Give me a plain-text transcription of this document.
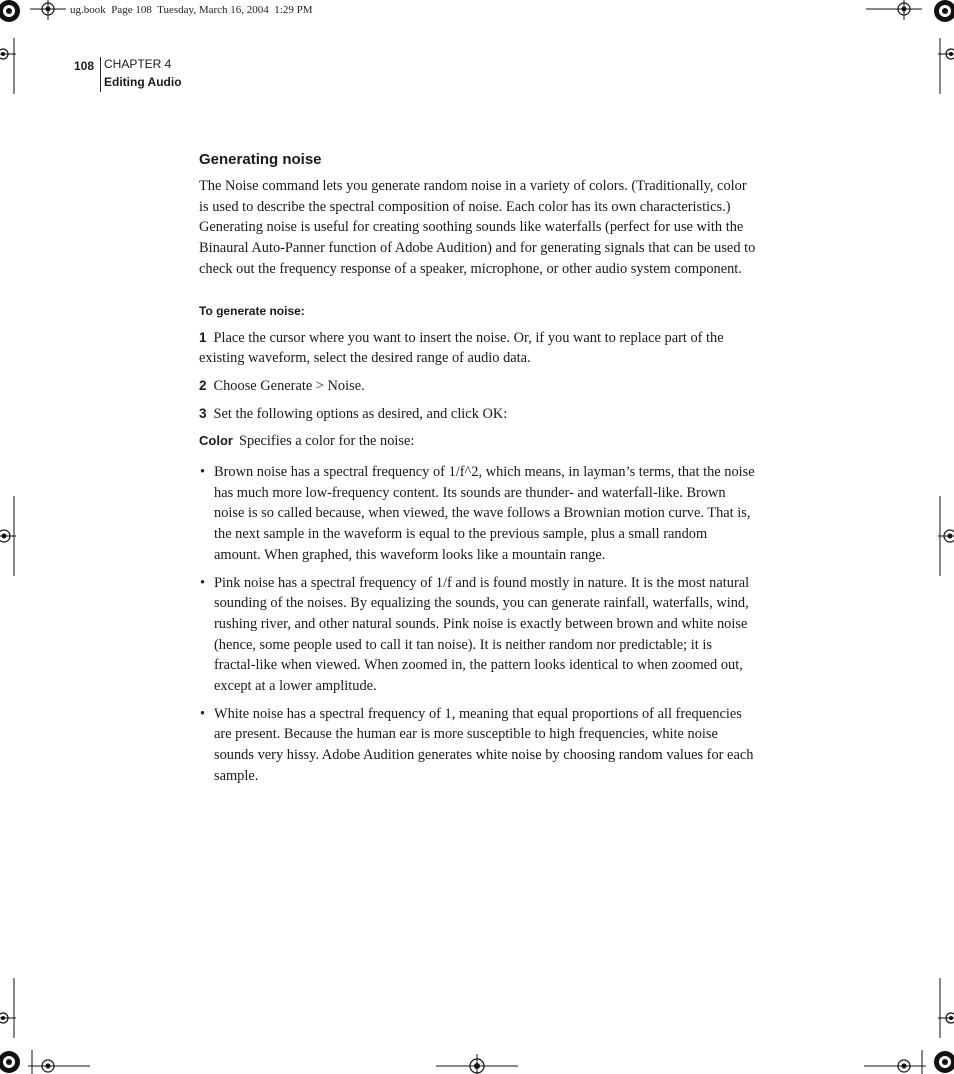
ug.book  Page 108  Tuesday, March 16, 2004  1:29 PM
108 CHAPTER 4
Editing Audio
Generating noise

The Noise command lets you generate random noise in a variety of colors. (Traditionally, color is used to describe the spectral composition of noise. Each color has its own characteristics.) Generating noise is useful for creating soothing sounds like waterfalls (perfect for use with the Binaural Auto-Panner function of Adobe Audition) and for generating signals that can be used to check out the frequency response of a speaker, microphone, or other audio system component.

To generate noise:

1 Place the cursor where you want to insert the noise. Or, if you want to replace part of the existing waveform, select the desired range of audio data.

2 Choose Generate > Noise.

3 Set the following options as desired, and click OK:

Color Specifies a color for the noise:

• Brown noise has a spectral frequency of 1/f^2, which means, in layman’s terms, that the noise has much more low-frequency content. Its sounds are thunder- and waterfall-like. Brown noise is so called because, when viewed, the wave follows a Brownian motion curve. That is, the next sample in the waveform is equal to the previous sample, plus a small random amount. When graphed, this waveform looks like a mountain range.
• Pink noise has a spectral frequency of 1/f and is found mostly in nature. It is the most natural sounding of the noises. By equalizing the sounds, you can generate rainfall, waterfalls, wind, rushing river, and other natural sounds. Pink noise is exactly between brown and white noise (hence, some people used to call it tan noise). It is neither random nor predictable; it is fractal-like when viewed. When zoomed in, the pattern looks identical to when zoomed out, except at a lower amplitude.
• White noise has a spectral frequency of 1, meaning that equal proportions of all frequencies are present. Because the human ear is more susceptible to high frequencies, white noise sounds very hissy. Adobe Audition generates white noise by choosing random values for each sample.
